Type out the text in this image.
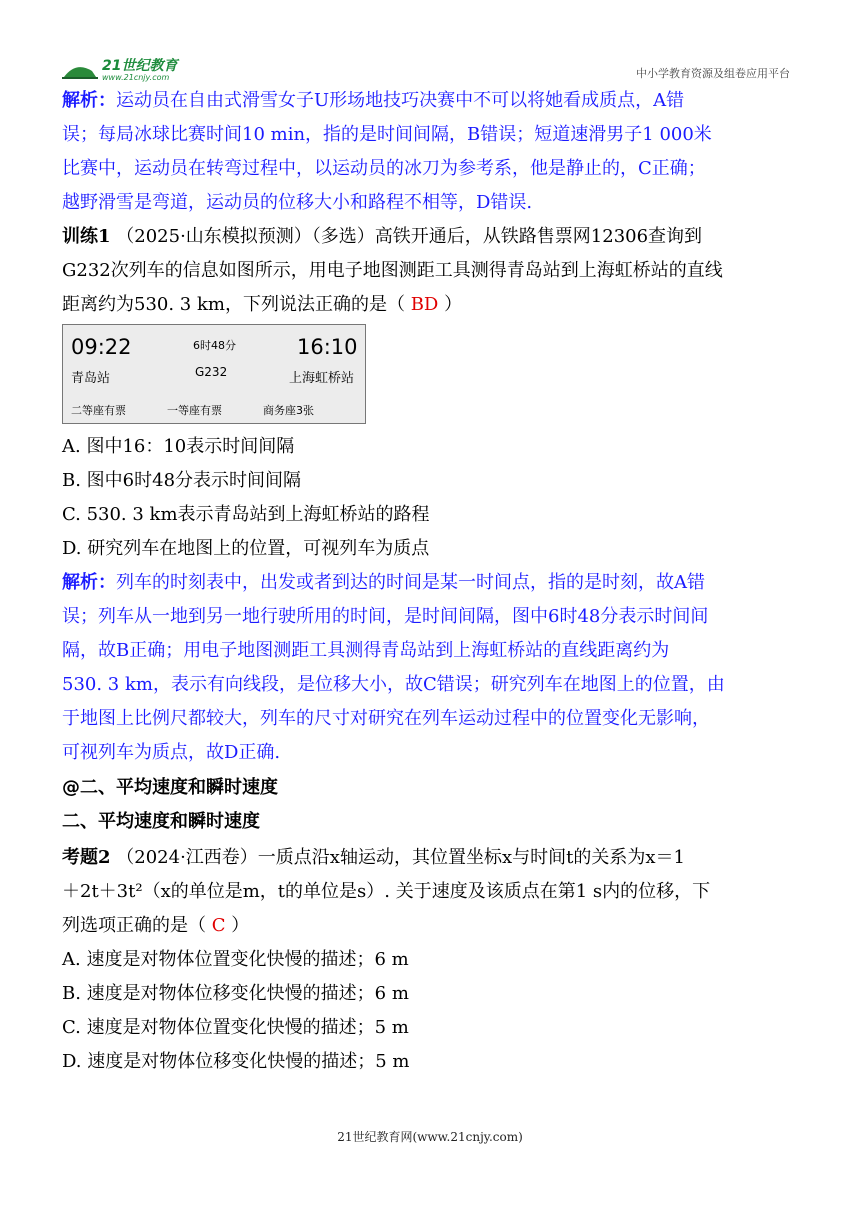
21世纪教育
www.21cnjy.com	中小学教育资源及组卷应用平台
解析：运动员在自由式滑雪女子U形场地技巧决赛中不可以将她看成质点，A错
误；每局冰球比赛时间10 min，指的是时间间隔，B错误；短道速滑男子1 000米
比赛中，运动员在转弯过程中，以运动员的冰刀为参考系，他是静止的，C正确；
越野滑雪是弯道，运动员的位移大小和路程不相等，D错误.
训练1 （2025·山东模拟预测）（多选）高铁开通后，从铁路售票网12306查询到
G232次列车的信息如图所示，用电子地图测距工具测得青岛站到上海虹桥站的直线
距离约为530. 3 km，下列说法正确的是（ BD ）
09:22	6时48分	16:10
青岛站	G232	上海虹桥站
二等座有票	一等座有票	商务座3张
A. 图中16：10表示时间间隔
B. 图中6时48分表示时间间隔
C. 530. 3 km表示青岛站到上海虹桥站的路程
D. 研究列车在地图上的位置，可视列车为质点
解析：列车的时刻表中，出发或者到达的时间是某一时间点，指的是时刻，故A错
误；列车从一地到另一地行驶所用的时间，是时间间隔，图中6时48分表示时间间
隔，故B正确；用电子地图测距工具测得青岛站到上海虹桥站的直线距离约为
530. 3 km，表示有向线段，是位移大小，故C错误；研究列车在地图上的位置，由
于地图上比例尺都较大，列车的尺寸对研究在列车运动过程中的位置变化无影响，
可视列车为质点，故D正确.
@二、平均速度和瞬时速度
二、平均速度和瞬时速度
考题2 （2024·江西卷）一质点沿x轴运动，其位置坐标x与时间t的关系为x＝1
＋2t＋3t²（x的单位是m，t的单位是s）. 关于速度及该质点在第1 s内的位移，下
列选项正确的是（ C ）
A. 速度是对物体位置变化快慢的描述；6 m
B. 速度是对物体位移变化快慢的描述；6 m
C. 速度是对物体位置变化快慢的描述；5 m
D. 速度是对物体位移变化快慢的描述；5 m
21世纪教育网(www.21cnjy.com)
